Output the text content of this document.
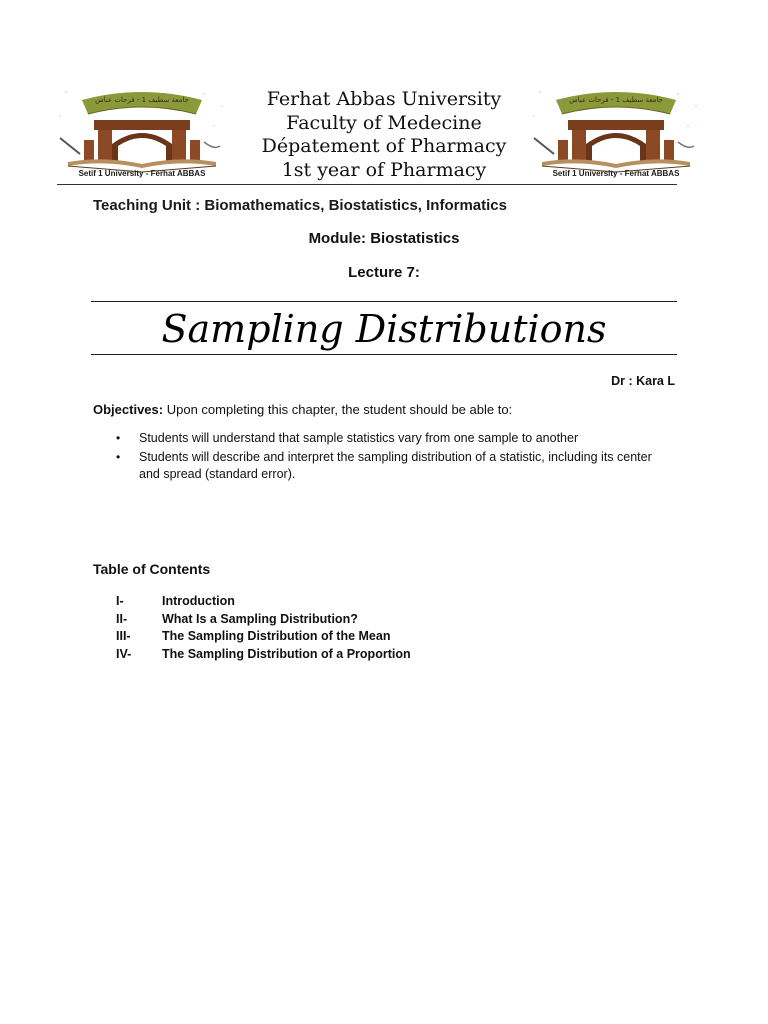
جامعة سطيف 1 - فرحات عباس
Setif 1 University - Ferhat ABBAS
جامعة سطيف 1 - فرحات عباس
Setif 1 University - Ferhat ABBAS
Ferhat Abbas University
Faculty of Medecine
Dépatement of Pharmacy
1st year of Pharmacy
Teaching Unit : Biomathematics, Biostatistics, Informatics
Module: Biostatistics
Lecture 7:
Sampling Distributions
Dr : Kara L
Objectives: Upon completing this chapter, the student should be able to:
• Students will understand that sample statistics vary from one sample to another
• Students will describe and interpret the sampling distribution of a statistic, including its center and spread (standard error).
Table of Contents
I-	Introduction
II-	What Is a Sampling Distribution?
III-	The Sampling Distribution of the Mean
IV-	The Sampling Distribution of a Proportion
